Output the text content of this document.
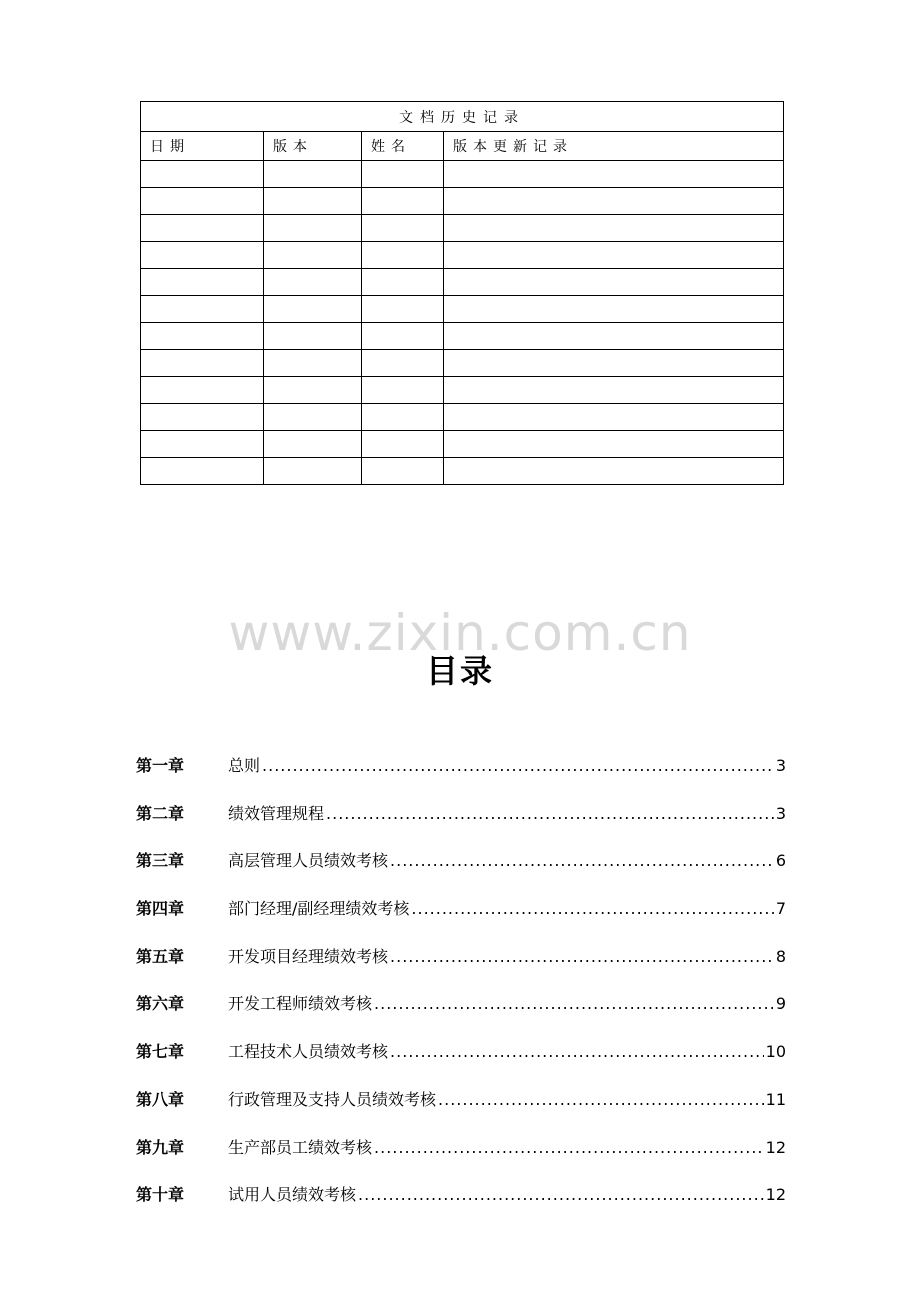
文档历史记录			
日期	版本	姓名	版本更新记录

www.zixin.com.cn
目录
第一章	总则 .....	3
第二章	绩效管理规程 .....	3
第三章	高层管理人员绩效考核 .....	6
第四章	部门经理/副经理绩效考核 .....	7
第五章	开发项目经理绩效考核 .....	8
第六章	开发工程师绩效考核 .....	9
第七章	工程技术人员绩效考核 .....	10
第八章	行政管理及支持人员绩效考核 .....	11
第九章	生产部员工绩效考核 .....	12
第十章	试用人员绩效考核 .....	12
